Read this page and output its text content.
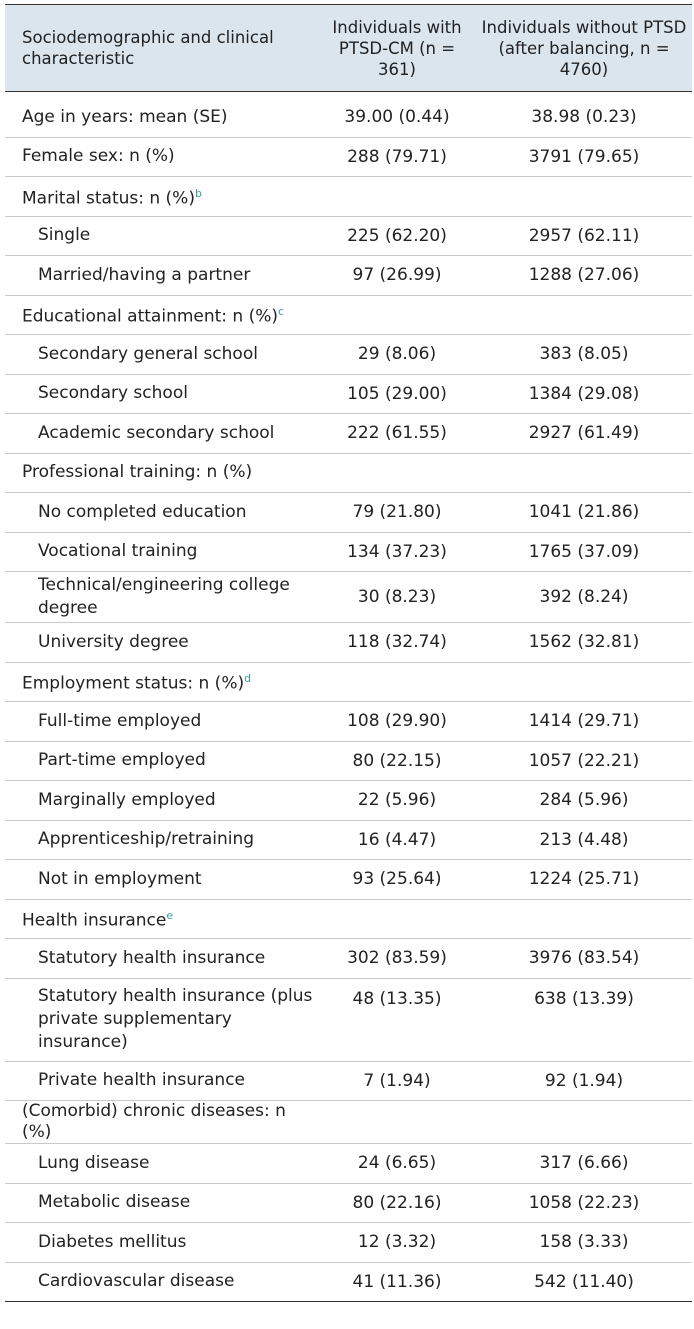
Sociodemographic and clinical characteristic	Individuals with PTSD-CM (n = 361)	Individuals without PTSD (after balancing, n = 4760)

Age in years: mean (SE)	39.00 (0.44)	38.98 (0.23)
Female sex: n (%)	288 (79.71)	3791 (79.65)
Marital status: n (%)$^b$		
Single	225 (62.20)	2957 (62.11)
Married/having a partner	97 (26.99)	1288 (27.06)
Educational attainment: n (%)$^c$		
Secondary general school	29 (8.06)	383 (8.05)
Secondary school	105 (29.00)	1384 (29.08)
Academic secondary school	222 (61.55)	2927 (61.49)
Professional training: n (%)		
No completed education	79 (21.80)	1041 (21.86)
Vocational training	134 (37.23)	1765 (37.09)
Technical/engineering college degree	30 (8.23)	392 (8.24)
University degree	118 (32.74)	1562 (32.81)
Employment status: n (%)$^d$		
Full-time employed	108 (29.90)	1414 (29.71)
Part-time employed	80 (22.15)	1057 (22.21)
Marginally employed	22 (5.96)	284 (5.96)
Apprenticeship/retraining	16 (4.47)	213 (4.48)
Not in employment	93 (25.64)	1224 (25.71)
Health insurance$^e$		
Statutory health insurance	302 (83.59)	3976 (83.54)
Statutory health insurance (plus private supplementary insurance)	48 (13.35)	638 (13.39)
Private health insurance	7 (1.94)	92 (1.94)
(Comorbid) chronic diseases: n (%)		
Lung disease	24 (6.65)	317 (6.66)
Metabolic disease	80 (22.16)	1058 (22.23)
Diabetes mellitus	12 (3.32)	158 (3.33)
Cardiovascular disease	41 (11.36)	542 (11.40)
